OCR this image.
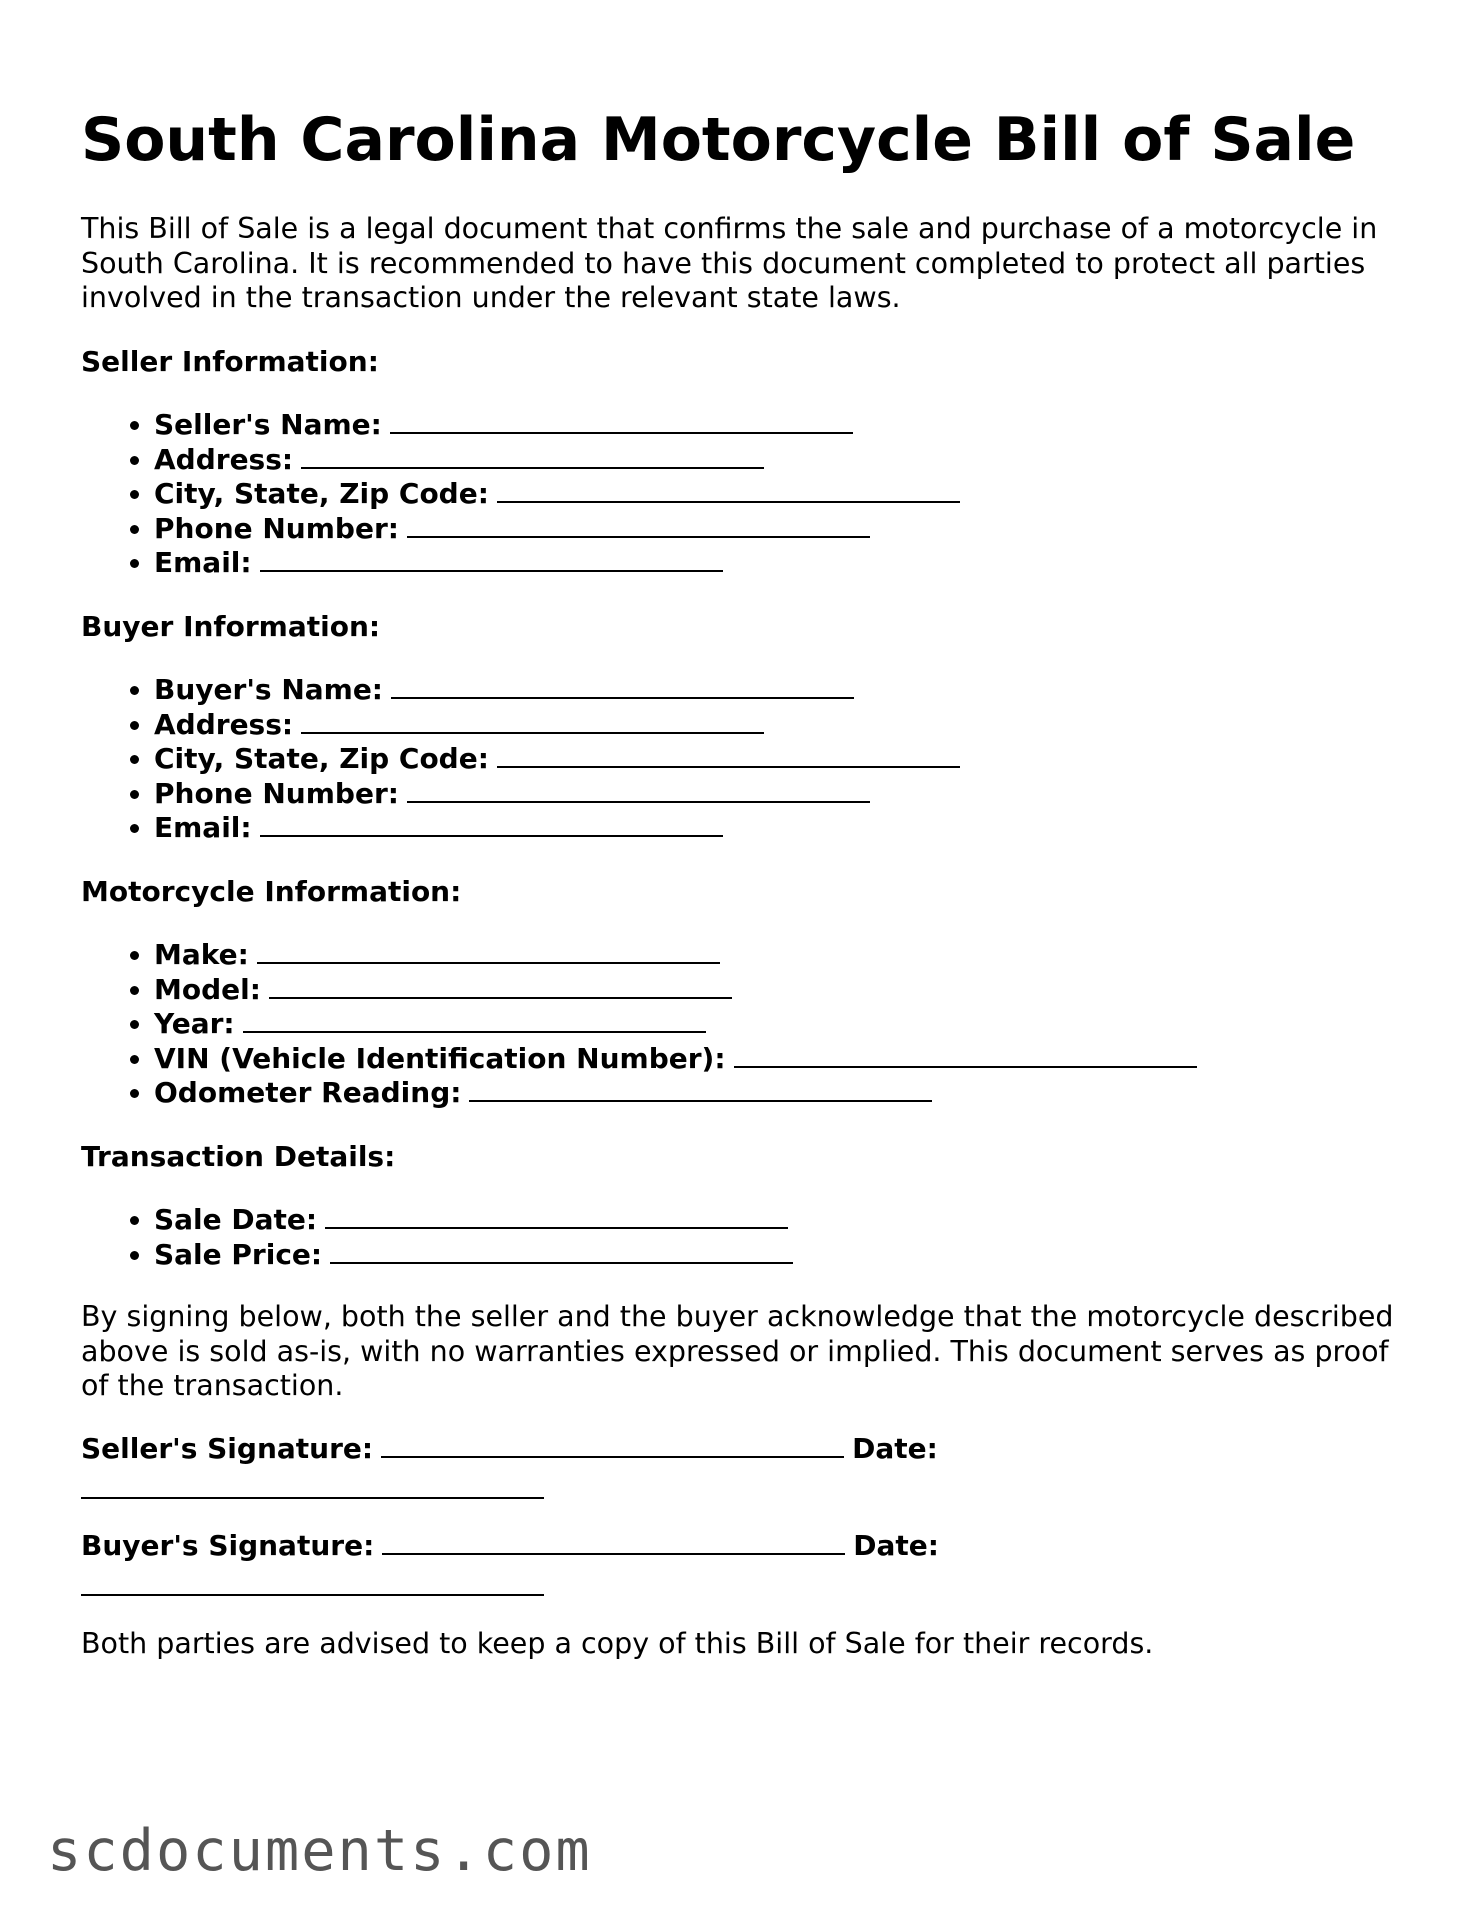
South Carolina Motorcycle Bill of Sale

This Bill of Sale is a legal document that confirms the sale and purchase of a motorcycle in South Carolina. It is recommended to have this document completed to protect all parties involved in the transaction under the relevant state laws.

Seller Information:

• Seller's Name:
• Address:
• City, State, Zip Code:
• Phone Number:
• Email:

Buyer Information:

• Buyer's Name:
• Address:
• City, State, Zip Code:
• Phone Number:
• Email:

Motorcycle Information:

• Make:
• Model:
• Year:
• VIN (Vehicle Identification Number):
• Odometer Reading:

Transaction Details:

• Sale Date:
• Sale Price:

By signing below, both the seller and the buyer acknowledge that the motorcycle described above is sold as-is, with no warranties expressed or implied. This document serves as proof of the transaction.

Seller's Signature:	Date:
Buyer's Signature:	Date:

Both parties are advised to keep a copy of this Bill of Sale for their records.

scdocuments.com
